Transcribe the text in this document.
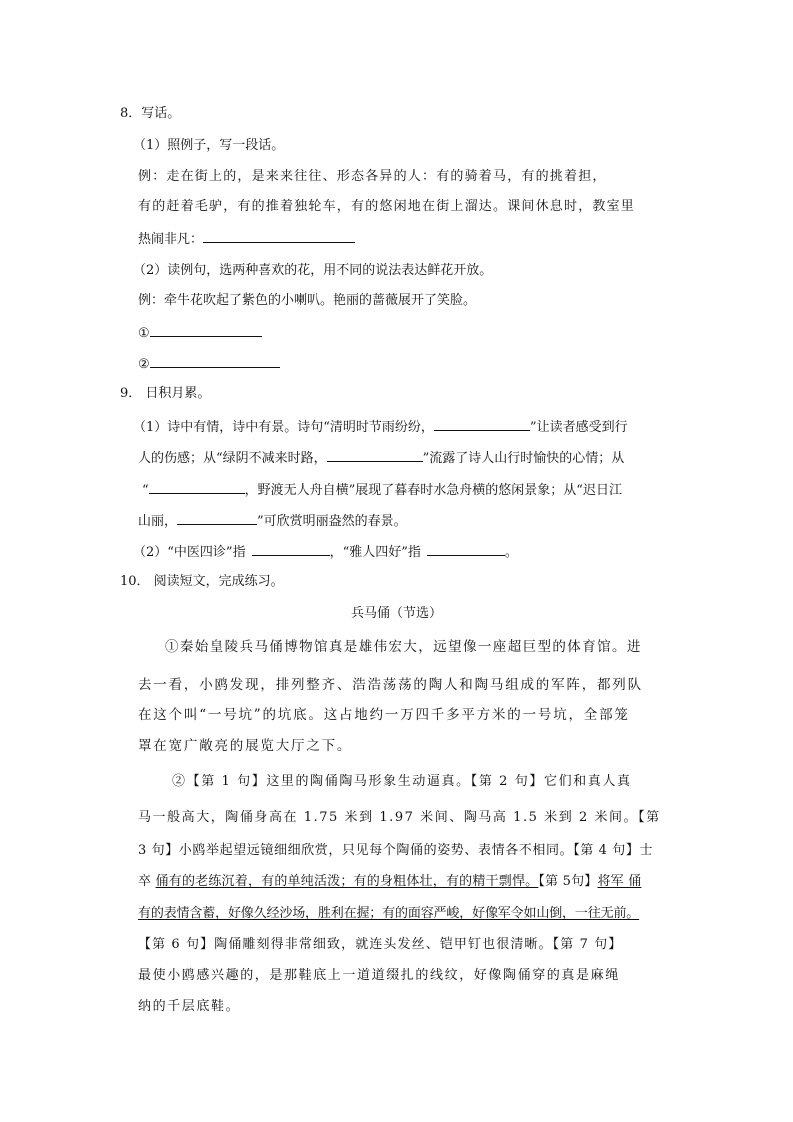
8．写话。
（1）照例子，写一段话。
例：走在街上的，是来来往往、形态各异的人：有的骑着马，有的挑着担，
有的赶着毛驴，有的推着独轮车，有的悠闲地在街上溜达。课间休息时，教室里
热闹非凡：
（2）读例句，选两种喜欢的花，用不同的说法表达鲜花开放。
例：牵牛花吹起了紫色的小喇叭。艳丽的蔷薇展开了笑脸。
①
②
9． 日积月累。
（1）诗中有情，诗中有景。诗句“清明时节雨纷纷，	”让读者感受到行
人的伤感；从“绿阴不减来时路，	”流露了诗人山行时愉快的心情；从
“	，野渡无人舟自横”展现了暮春时水急舟横的悠闲景象；从“迟日江
山丽，	”可欣赏明丽盎然的春景。
（2）“中医四诊”指	，“雅人四好”指	。
10． 阅读短文，完成练习。
兵马俑（节选）
①秦始皇陵兵马俑博物馆真是雄伟宏大，远望像一座超巨型的体育馆。进
去一看，小鸥发现，排列整齐、浩浩荡荡的陶人和陶马组成的军阵，都列队
在这个叫“一号坑”的坑底。这占地约一万四千多平方米的一号坑，全部笼
罩在宽广敞亮的展览大厅之下。
②【第 1 句】这里的陶俑陶马形象生动逼真。【第 2 句】它们和真人真
马一般高大，陶俑身高在 1.75 米到 1.97 米间、陶马高 1.5 米到 2 米间。【第
3 句】小鸥举起望远镜细细欣赏，只见每个陶俑的姿势、表情各不相同。【第 4 句】士
卒 俑有的老练沉着，有的单纯活泼；有的身粗体壮，有的精干剽悍。【第 5句】将军 俑
有的表情含蓄，好像久经沙场，胜利在握；有的面容严峻，好像军令如山倒，一往无前。
【第 6 句】陶俑雕刻得非常细致，就连头发丝、铠甲钉也很清晰。【第 7 句】
最使小鸥感兴趣的，是那鞋底上一道道缀扎的线纹，好像陶俑穿的真是麻绳
纳的千层底鞋。
